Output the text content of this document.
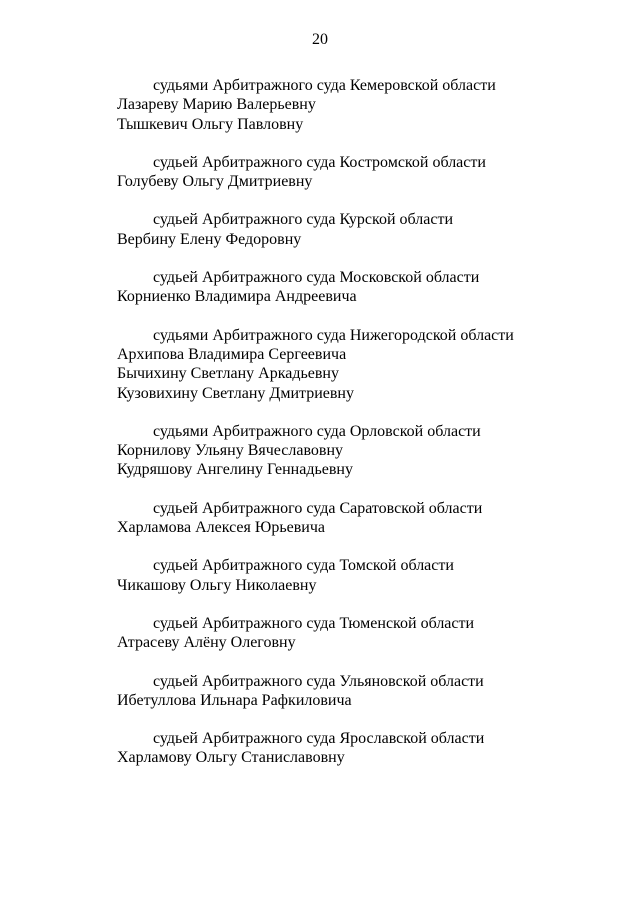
20
судьями Арбитражного суда Кемеровской области
Лазареву Марию Валерьевну
Тышкевич Ольгу Павловну
судьей Арбитражного суда Костромской области
Голубеву Ольгу Дмитриевну
судьей Арбитражного суда Курской области
Вербину Елену Федоровну
судьей Арбитражного суда Московской области
Корниенко Владимира Андреевича
судьями Арбитражного суда Нижегородской области
Архипова Владимира Сергеевича
Бычихину Светлану Аркадьевну
Кузовихину Светлану Дмитриевну
судьями Арбитражного суда Орловской области
Корнилову Ульяну Вячеславовну
Кудряшову Ангелину Геннадьевну
судьей Арбитражного суда Саратовской области
Харламова Алексея Юрьевича
судьей Арбитражного суда Томской области
Чикашову Ольгу Николаевну
судьей Арбитражного суда Тюменской области
Атрасеву Алёну Олеговну
судьей Арбитражного суда Ульяновской области
Ибетуллова Ильнара Рафкиловича
судьей Арбитражного суда Ярославской области
Харламову Ольгу Станиславовну
